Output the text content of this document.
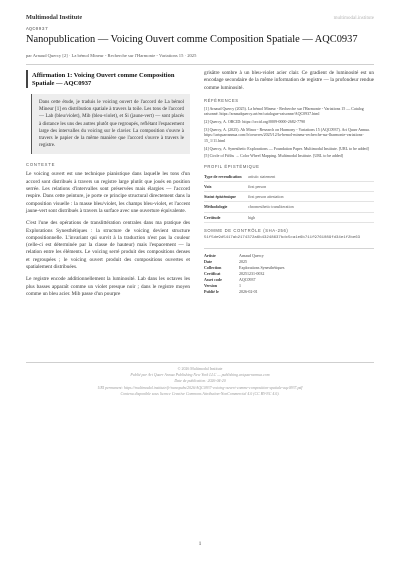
Multimodal Institute	multimodal.institute
AQC0937
Nanopublication — Voicing Ouvert comme Composition Spatiale — AQC0937
par Arnaud Quercy [2] · La bémol Mineur - Recherche sur l'Harmonie - Variations 15 · 2025
Affirmation 1: Voicing Ouvert comme Composition Spatiale — AQC0937
Dans cette étude, je traduis le voicing ouvert de l'accord de La bémol Mineur [1] en distribution spatiale à travers la toile. Les tons de l'accord — Lab (bleu/violet), Mib (bleu-violet), et Si (jaune-vert) — sont placés à distance les uns des autres plutôt que regroupés, reflétant l'espacement large des intervalles du voicing sur le clavier. La composition s'ouvre à travers le papier de la même manière que l'accord s'ouvre à travers le registre.
CONTEXTE

Le voicing ouvert est une technique pianistique dans laquelle les tons d'un accord sont distribués à travers un registre large plutôt que joués en position serrée. Les relations d'intervalles sont préservées mais élargies — l'accord respire. Dans cette peinture, je porte ce principe structural directement dans la composition visuelle : la masse bleu/violet, les champs bleu-violet, et l'accent jaune-vert sont distribués à travers la surface avec une ouverture équivalente.

C'est l'une des opérations de translittération centrales dans ma pratique des Explorations Synesthétiques : la structure de voicing devient structure compositionnelle. L'invariant qui survit à la traduction n'est pas la couleur (celle-ci est déterminée par la classe de hauteur) mais l'espacement — la relation entre les éléments. Le voicing serré produit des compositions denses et regroupées ; le voicing ouvert produit des compositions ouvertes et spatialement distribuées.

Le registre encode additionnellement la luminosité. Lab dans les octaves les plus basses apparaît comme un violet presque noir ; dans le registre moyen comme un bleu acier. Mib passe d'un pourpre

grisâtre sombre à un bleu-violet acier clair. Ce gradient de luminosité est un encodage secondaire de la même information de registre — la profondeur rendue comme luminosité.

RÉFÉRENCES
[1] Arnaud Quercy (2025). La bémol Mineur - Recherche sur l'Harmonie - Variations 15 — Catalog raisonné. https://arnaudquercy.art/en/catalogue-raisonne/AQC0937.html
[2] Quercy, A. ORCID: https://orcid.org/0009-0000-2682-7790
[3] Quercy, A. (2025). Ab Minor - Research on Harmony - Variations 15 (AQC0937). Art Quarr Annua. https://artquarrannua.com/fr/oeuvres/2025/12/la-bemol-mineur-recherche-sur-lharmonie-variations-15_1/11.html
[4] Quercy, A. Synesthetic Explorations — Foundation Paper. Multimodal Institute. [URL to be added]
[5] Circle of Fifths → Color Wheel Mapping. Multimodal Institute. [URL to be added]
PROFIL ÉPISTÉMIQUE
Type de revendication	artistic statement
Voix	first person
Statut épistémique	first person attestation
Méthodologie	chromesthetic transliteration
Certitude	high
SOMME DE CONTRÔLE (SHA-256)
51f5de9d5417ab2174372a6b43248637bdc5ca1e6b711f9761089fd34e1f2be63
Artiste	Arnaud Quercy
Date	2025
Collection	Explorations Synesthétiques
Certificat	20251231-0032
Asset code	AQC0937
Version	1
Publié le	2026-02-01
© 2026 Multimodal Institute
Publié par Art Quarr Annua Publishing New York LLC — publishing.artquarrannua.com
Date de publication: 2026-04-20
URI permanent: https://multimodal.institute/fr/nanopubs/2026/AQC0937-voicing-ouvert-comme-composition-spatiale-aqc0937.pdf
Contenu disponible sous licence Creative Commons Attribution-NonCommercial 4.0 (CC BY-NC 4.0).
1
